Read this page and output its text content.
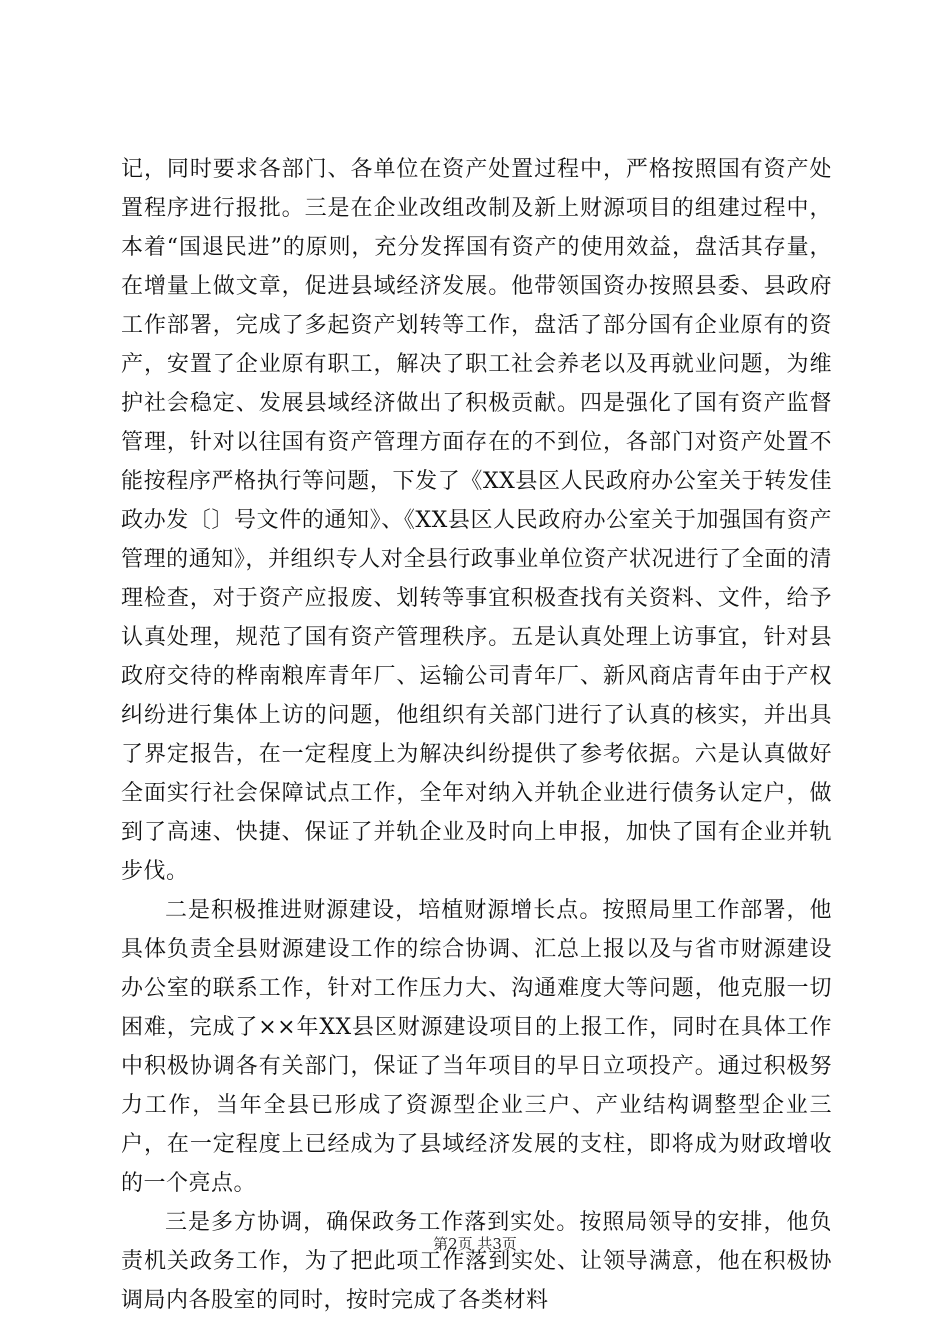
记，同时要求各部门、各单位在资产处置过程中，严格按照国有资产处置程序进行报批。三是在企业改组改制及新上财源项目的组建过程中，本着“国退民进”的原则，充分发挥国有资产的使用效益，盘活其存量，在增量上做文章，促进县域经济发展。他带领国资办按照县委、县政府工作部署，完成了多起资产划转等工作，盘活了部分国有企业原有的资产，安置了企业原有职工，解决了职工社会养老以及再就业问题，为维护社会稳定、发展县域经济做出了积极贡献。四是强化了国有资产监督管理，针对以往国有资产管理方面存在的不到位，各部门对资产处置不能按程序严格执行等问题，下发了《XX县区人民政府办公室关于转发佳政办发〔〕号文件的通知》、《XX县区人民政府办公室关于加强国有资产管理的通知》，并组织专人对全县行政事业单位资产状况进行了全面的清理检查，对于资产应报废、划转等事宜积极查找有关资料、文件，给予认真处理，规范了国有资产管理秩序。五是认真处理上访事宜，针对县政府交待的桦南粮库青年厂、运输公司青年厂、新风商店青年由于产权纠纷进行集体上访的问题，他组织有关部门进行了认真的核实，并出具了界定报告，在一定程度上为解决纠纷提供了参考依据。六是认真做好全面实行社会保障试点工作，全年对纳入并轨企业进行债务认定户，做到了高速、快捷、保证了并轨企业及时向上申报，加快了国有企业并轨步伐。

二是积极推进财源建设，培植财源增长点。按照局里工作部署，他具体负责全县财源建设工作的综合协调、汇总上报以及与省市财源建设办公室的联系工作，针对工作压力大、沟通难度大等问题，他克服一切困难，完成了××年XX县区财源建设项目的上报工作，同时在具体工作中积极协调各有关部门，保证了当年项目的早日立项投产。通过积极努力工作，当年全县已形成了资源型企业三户、产业结构调整型企业三户，在一定程度上已经成为了县域经济发展的支柱，即将成为财政增收的一个亮点。

三是多方协调，确保政务工作落到实处。按照局领导的安排，他负责机关政务工作，为了把此项工作落到实处、让领导满意，他在积极协调局内各股室的同时，按时完成了各类材料

第2页 共3页
